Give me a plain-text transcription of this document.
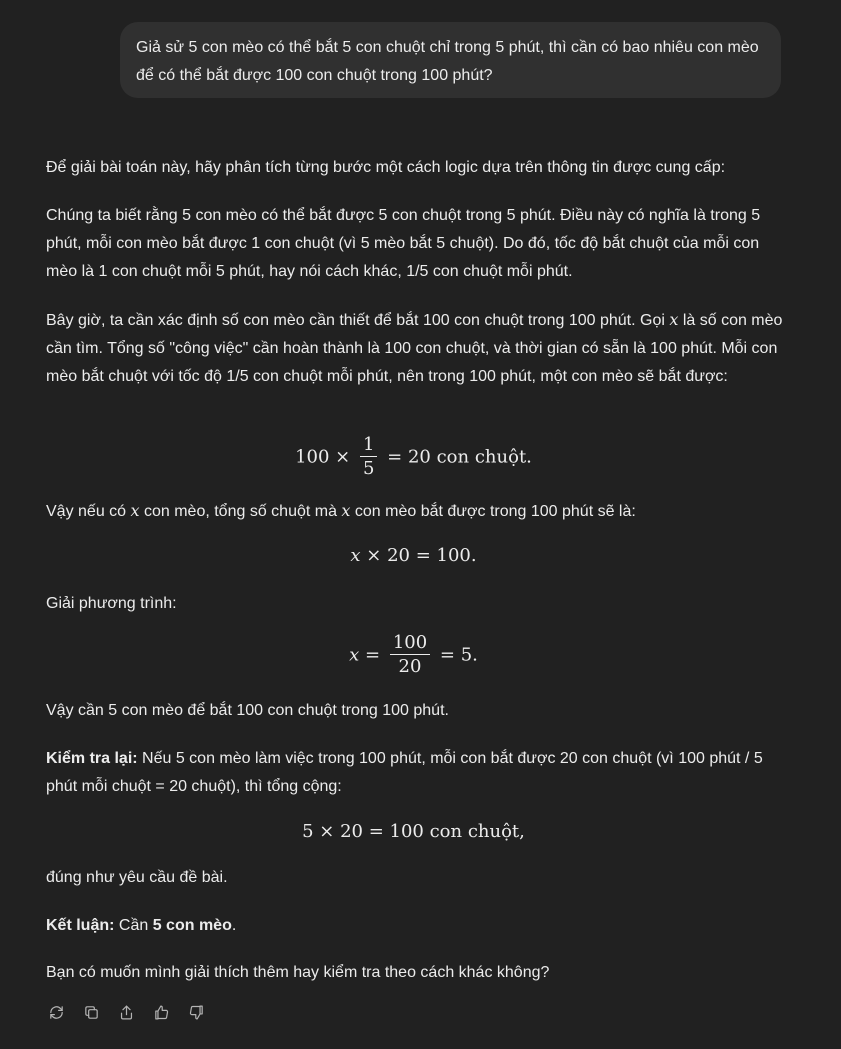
Giả sử 5 con mèo có thể bắt 5 con chuột chỉ trong 5 phút, thì cần có bao nhiêu con mèo để có thể bắt được 100 con chuột trong 100 phút?

Để giải bài toán này, hãy phân tích từng bước một cách logic dựa trên thông tin được cung cấp:

Chúng ta biết rằng 5 con mèo có thể bắt được 5 con chuột trong 5 phút. Điều này có nghĩa là trong 5 phút, mỗi con mèo bắt được 1 con chuột (vì 5 mèo bắt 5 chuột). Do đó, tốc độ bắt chuột của mỗi con mèo là 1 con chuột mỗi 5 phút, hay nói cách khác, 1/5 con chuột mỗi phút.

Bây giờ, ta cần xác định số con mèo cần thiết để bắt 100 con chuột trong 100 phút. Gọi x là số con mèo cần tìm. Tổng số "công việc" cần hoàn thành là 100 con chuột, và thời gian có sẵn là 100 phút. Mỗi con mèo bắt chuột với tốc độ 1/5 con chuột mỗi phút, nên trong 100 phút, một con mèo sẽ bắt được:

$100 \times \frac{1}{5} = 20$ con chuột.

Vậy nếu có x con mèo, tổng số chuột mà x con mèo bắt được trong 100 phút sẽ là:

x × 20 = 100.

Giải phương trình:

$x = \frac{100}{20} = 5$.

Vậy cần 5 con mèo để bắt 100 con chuột trong 100 phút.

Kiểm tra lại: Nếu 5 con mèo làm việc trong 100 phút, mỗi con bắt được 20 con chuột (vì 100 phút / 5 phút mỗi chuột = 20 chuột), thì tổng cộng:

5 × 20 = 100 con chuột,

đúng như yêu cầu đề bài.

Kết luận: Cần 5 con mèo.

Bạn có muốn mình giải thích thêm hay kiểm tra theo cách khác không?
